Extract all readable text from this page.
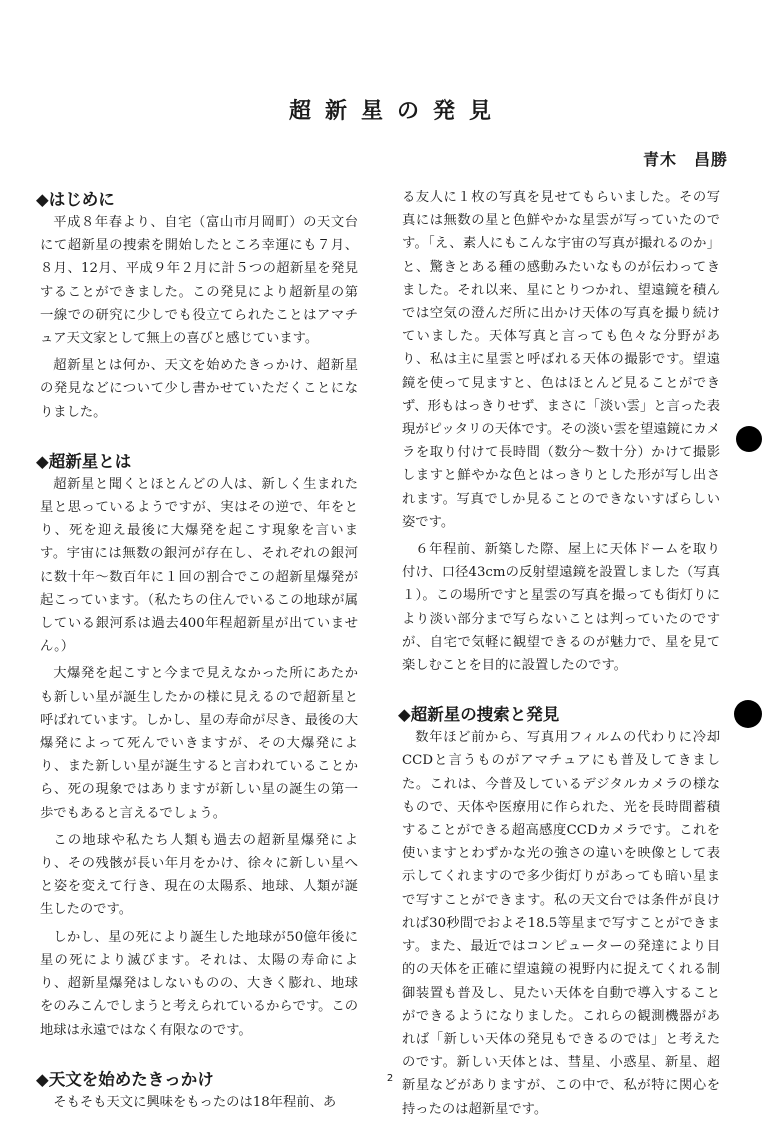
超新星の発見

青木　昌勝

◆はじめに

平成８年春より、自宅（富山市月岡町）の天文台にて超新星の捜索を開始したところ幸運にも７月、８月、12月、平成９年２月に計５つの超新星を発見することができました。この発見により超新星の第一線での研究に少しでも役立てられたことはアマチュア天文家として無上の喜びと感じています。

超新星とは何か、天文を始めたきっかけ、超新星の発見などについて少し書かせていただくことになりました。

◆超新星とは

超新星と聞くとほとんどの人は、新しく生まれた星と思っているようですが、実はその逆で、年をとり、死を迎え最後に大爆発を起こす現象を言います。宇宙には無数の銀河が存在し、それぞれの銀河に数十年～数百年に１回の割合でこの超新星爆発が起こっています。（私たちの住んでいるこの地球が属している銀河系は過去400年程超新星が出ていません。）

大爆発を起こすと今まで見えなかった所にあたかも新しい星が誕生したかの様に見えるので超新星と呼ばれています。しかし、星の寿命が尽き、最後の大爆発によって死んでいきますが、その大爆発により、また新しい星が誕生すると言われていることから、死の現象ではありますが新しい星の誕生の第一歩でもあると言えるでしょう。

この地球や私たち人類も過去の超新星爆発により、その残骸が長い年月をかけ、徐々に新しい星へと姿を変えて行き、現在の太陽系、地球、人類が誕生したのです。

しかし、星の死により誕生した地球が50億年後に星の死により滅びます。それは、太陽の寿命により、超新星爆発はしないものの、大きく膨れ、地球をのみこんでしまうと考えられているからです。この地球は永遠ではなく有限なのです。

◆天文を始めたきっかけ

そもそも天文に興味をもったのは18年程前、あ

る友人に１枚の写真を見せてもらいました。その写真には無数の星と色鮮やかな星雲が写っていたのです。「え、素人にもこんな宇宙の写真が撮れるのか」と、驚きとある種の感動みたいなものが伝わってきました。それ以来、星にとりつかれ、望遠鏡を積んでは空気の澄んだ所に出かけ天体の写真を撮り続けていました。天体写真と言っても色々な分野があり、私は主に星雲と呼ばれる天体の撮影です。望遠鏡を使って見ますと、色はほとんど見ることができず、形もはっきりせず、まさに「淡い雲」と言った表現がピッタリの天体です。その淡い雲を望遠鏡にカメラを取り付けて長時間（数分～数十分）かけて撮影しますと鮮やかな色とはっきりとした形が写し出されます。写真でしか見ることのできないすばらしい姿です。

６年程前、新築した際、屋上に天体ドームを取り付け、口径43cmの反射望遠鏡を設置しました（写真１）。この場所ですと星雲の写真を撮っても街灯りにより淡い部分まで写らないことは判っていたのですが、自宅で気軽に観望できるのが魅力で、星を見て楽しむことを目的に設置したのです。

◆超新星の捜索と発見

数年ほど前から、写真用フィルムの代わりに冷却CCDと言うものがアマチュアにも普及してきました。これは、今普及しているデジタルカメラの様なもので、天体や医療用に作られた、光を長時間蓄積することができる超高感度CCDカメラです。これを使いますとわずかな光の強さの違いを映像として表示してくれますので多少街灯りがあっても暗い星まで写すことができます。私の天文台では条件が良ければ30秒間でおよそ18.5等星まで写すことができます。また、最近ではコンピューターの発達により目的の天体を正確に望遠鏡の視野内に捉えてくれる制御装置も普及し、見たい天体を自動で導入することができるようになりました。これらの観測機器があれば「新しい天体の発見もできるのでは」と考えたのです。新しい天体とは、彗星、小惑星、新星、超新星などがありますが、この中で、私が特に関心を持ったのは超新星です。

2
